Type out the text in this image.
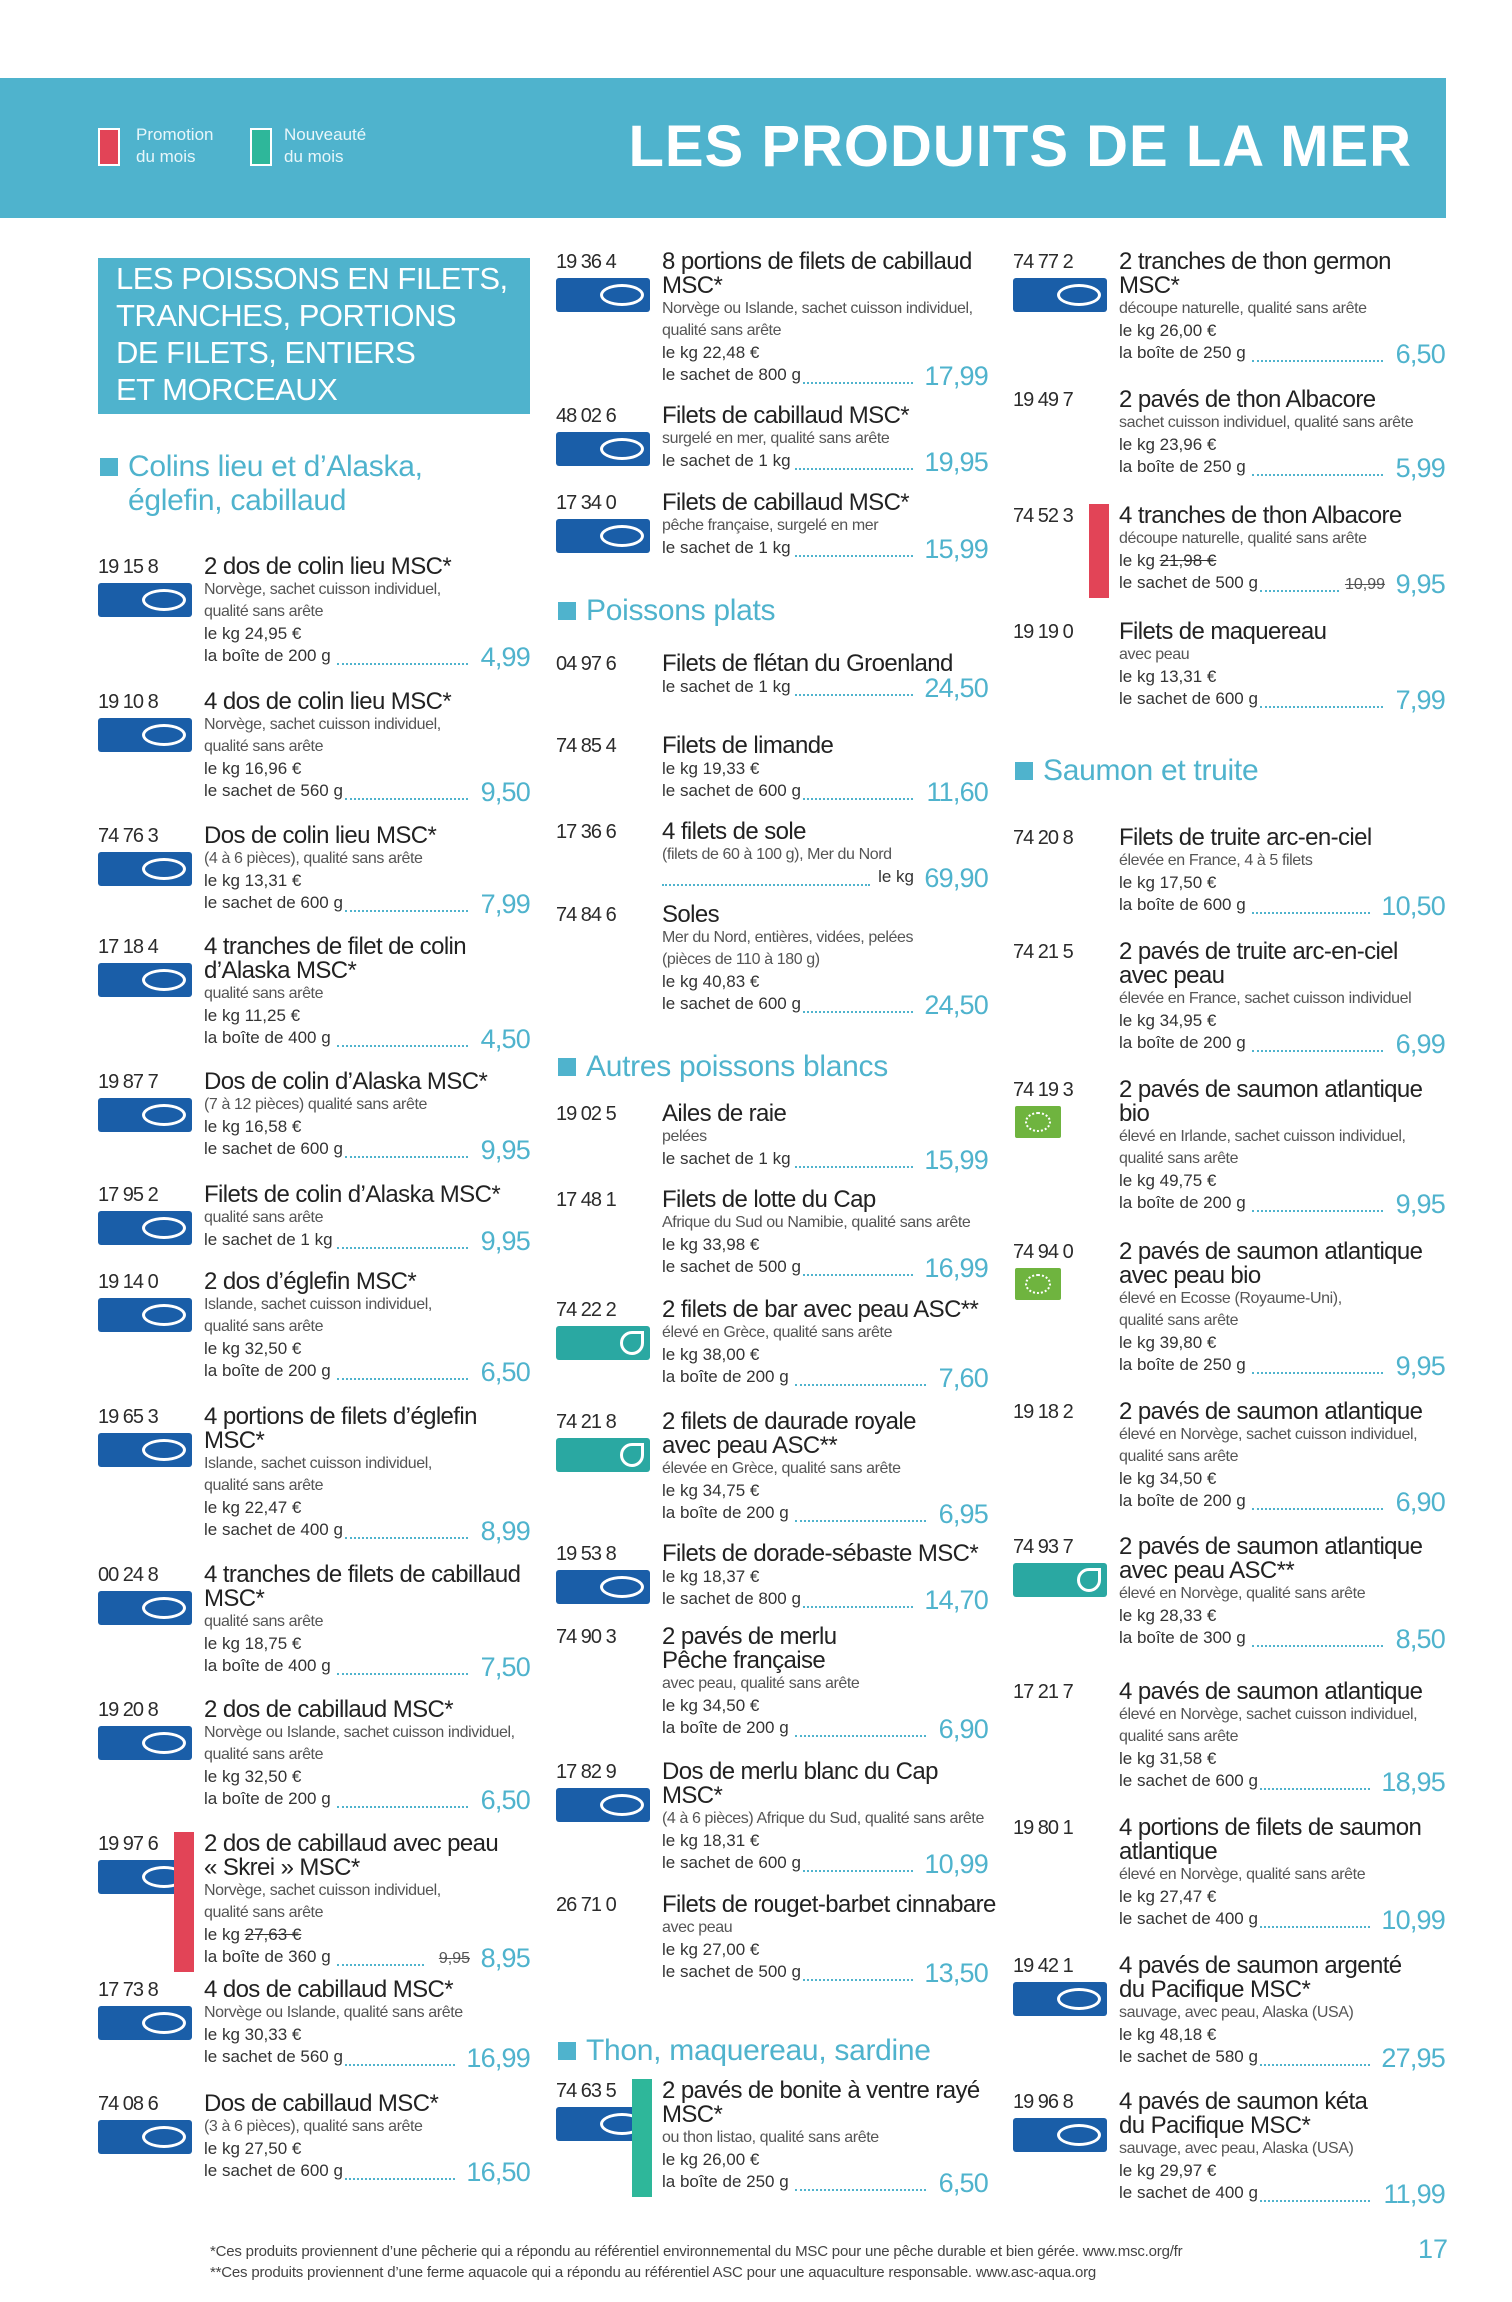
Promotion du mois
Nouveauté du mois	LES PRODUITS DE LA MER
LES POISSONS EN FILETS,
TRANCHES, PORTIONS
DE FILETS, ENTIERS
ET MORCEAUX
Colins lieu et d’Alaska,
églefin, cabillaud
Poissons plats
Autres poissons blancs
Thon, maquereau, sardine
Saumon et truite
19 15 8 2 dos de colin lieu MSC*
Norvège, sachet cuisson individuel,
qualité sans arête
le kg 24,95 €
la boîte de 200 g	4,99
19 10 8 4 dos de colin lieu MSC*
Norvège, sachet cuisson individuel,
qualité sans arête
le kg 16,96 €
le sachet de 560 g	9,50
74 76 3 Dos de colin lieu MSC*
(4 à 6 pièces), qualité sans arête
le kg 13,31 €
le sachet de 600 g	7,99
17 18 4 4 tranches de filet de colin
d’Alaska MSC*
qualité sans arête
le kg 11,25 €
la boîte de 400 g	4,50
19 87 7 Dos de colin d’Alaska MSC*
(7 à 12 pièces) qualité sans arête
le kg 16,58 €
le sachet de 600 g	9,95
17 95 2 Filets de colin d’Alaska MSC*
qualité sans arête
le sachet de 1 kg	9,95
19 14 0 2 dos d’églefin MSC*
Islande, sachet cuisson individuel,
qualité sans arête
le kg 32,50 €
la boîte de 200 g	6,50
19 65 3 4 portions de filets d’églefin
MSC*
Islande, sachet cuisson individuel,
qualité sans arête
le kg 22,47 €
le sachet de 400 g	8,99
00 24 8 4 tranches de filets de cabillaud
MSC*
qualité sans arête
le kg 18,75 €
la boîte de 400 g	7,50
19 20 8 2 dos de cabillaud MSC*
Norvège ou Islande, sachet cuisson individuel,
qualité sans arête
le kg 32,50 €
la boîte de 200 g	6,50
19 97 6 2 dos de cabillaud avec peau
« Skrei » MSC*
Norvège, sachet cuisson individuel,
qualité sans arête
le kg 27,63 €
la boîte de 360 g	9,95 8,95
17 73 8 4 dos de cabillaud MSC*
Norvège ou Islande, qualité sans arête
le kg 30,33 €
le sachet de 560 g	16,99
74 08 6 Dos de cabillaud MSC*
(3 à 6 pièces), qualité sans arête
le kg 27,50 €
le sachet de 600 g	16,50
19 36 4 8 portions de filets de cabillaud
MSC*
Norvège ou Islande, sachet cuisson individuel,
qualité sans arête
le kg 22,48 €
le sachet de 800 g	17,99
48 02 6 Filets de cabillaud MSC*
surgelé en mer, qualité sans arête
le sachet de 1 kg	19,95
17 34 0 Filets de cabillaud MSC*
pêche française, surgelé en mer
le sachet de 1 kg	15,99
04 97 6 Filets de flétan du Groenland
le sachet de 1 kg	24,50
74 85 4 Filets de limande
le kg 19,33 €
le sachet de 600 g	11,60
17 36 6 4 filets de sole
(filets de 60 à 100 g), Mer du Nord
le kg 69,90
74 84 6 Soles
Mer du Nord, entières, vidées, pelées
(pièces de 110 à 180 g)
le kg 40,83 €
le sachet de 600 g	24,50
19 02 5 Ailes de raie
pelées
le sachet de 1 kg	15,99
17 48 1 Filets de lotte du Cap
Afrique du Sud ou Namibie, qualité sans arête
le kg 33,98 €
le sachet de 500 g	16,99
74 22 2 2 filets de bar avec peau ASC**
élevé en Grèce, qualité sans arête
le kg 38,00 €
la boîte de 200 g	7,60
74 21 8 2 filets de daurade royale
avec peau ASC**
élevée en Grèce, qualité sans arête
le kg 34,75 €
la boîte de 200 g	6,95
19 53 8 Filets de dorade-sébaste MSC*
le kg 18,37 €
le sachet de 800 g	14,70
74 90 3 2 pavés de merlu
Pêche française
avec peau, qualité sans arête
le kg 34,50 €
la boîte de 200 g	6,90
17 82 9 Dos de merlu blanc du Cap
MSC*
(4 à 6 pièces) Afrique du Sud, qualité sans arête
le kg 18,31 €
le sachet de 600 g	10,99
26 71 0 Filets de rouget-barbet cinnabare
avec peau
le kg 27,00 €
le sachet de 500 g	13,50
74 63 5 2 pavés de bonite à ventre rayé
MSC*
ou thon listao, qualité sans arête
le kg 26,00 €
la boîte de 250 g	6,50
74 77 2 2 tranches de thon germon
MSC*
découpe naturelle, qualité sans arête
le kg 26,00 €
la boîte de 250 g	6,50
19 49 7 2 pavés de thon Albacore
sachet cuisson individuel, qualité sans arête
le kg 23,96 €
la boîte de 250 g	5,99
74 52 3 4 tranches de thon Albacore
découpe naturelle, qualité sans arête
le kg 21,98 €
le sachet de 500 g	10,99 9,95
19 19 0 Filets de maquereau
avec peau
le kg 13,31 €
le sachet de 600 g	7,99
74 20 8 Filets de truite arc-en-ciel
élevée en France, 4 à 5 filets
le kg 17,50 €
la boîte de 600 g	10,50
74 21 5 2 pavés de truite arc-en-ciel
avec peau
élevée en France, sachet cuisson individuel
le kg 34,95 €
la boîte de 200 g	6,99
74 19 3 2 pavés de saumon atlantique
bio
élevé en Irlande, sachet cuisson individuel,
qualité sans arête
le kg 49,75 €
la boîte de 200 g	9,95
74 94 0 2 pavés de saumon atlantique
avec peau bio
élevé en Ecosse (Royaume-Uni),
qualité sans arête
le kg 39,80 €
la boîte de 250 g	9,95
19 18 2 2 pavés de saumon atlantique
élevé en Norvège, sachet cuisson individuel,
qualité sans arête
le kg 34,50 €
la boîte de 200 g	6,90
74 93 7 2 pavés de saumon atlantique
avec peau ASC**
élevé en Norvège, qualité sans arête
le kg 28,33 €
la boîte de 300 g	8,50
17 21 7 4 pavés de saumon atlantique
élevé en Norvège, sachet cuisson individuel,
qualité sans arête
le kg 31,58 €
le sachet de 600 g	18,95
19 80 1 4 portions de filets de saumon
atlantique
élevé en Norvège, qualité sans arête
le kg 27,47 €
le sachet de 400 g	10,99
19 42 1 4 pavés de saumon argenté
du Pacifique MSC*
sauvage, avec peau, Alaska (USA)
le kg 48,18 €
le sachet de 580 g	27,95
19 96 8 4 pavés de saumon kéta
du Pacifique MSC*
sauvage, avec peau, Alaska (USA)
le kg 29,97 €
le sachet de 400 g	11,99
*Ces produits proviennent d’une pêcherie qui a répondu au référentiel environnemental du MSC pour une pêche durable et bien gérée. www.msc.org/fr
**Ces produits proviennent d’une ferme aquacole qui a répondu au référentiel ASC pour une aquaculture responsable. www.asc-aqua.org
17
